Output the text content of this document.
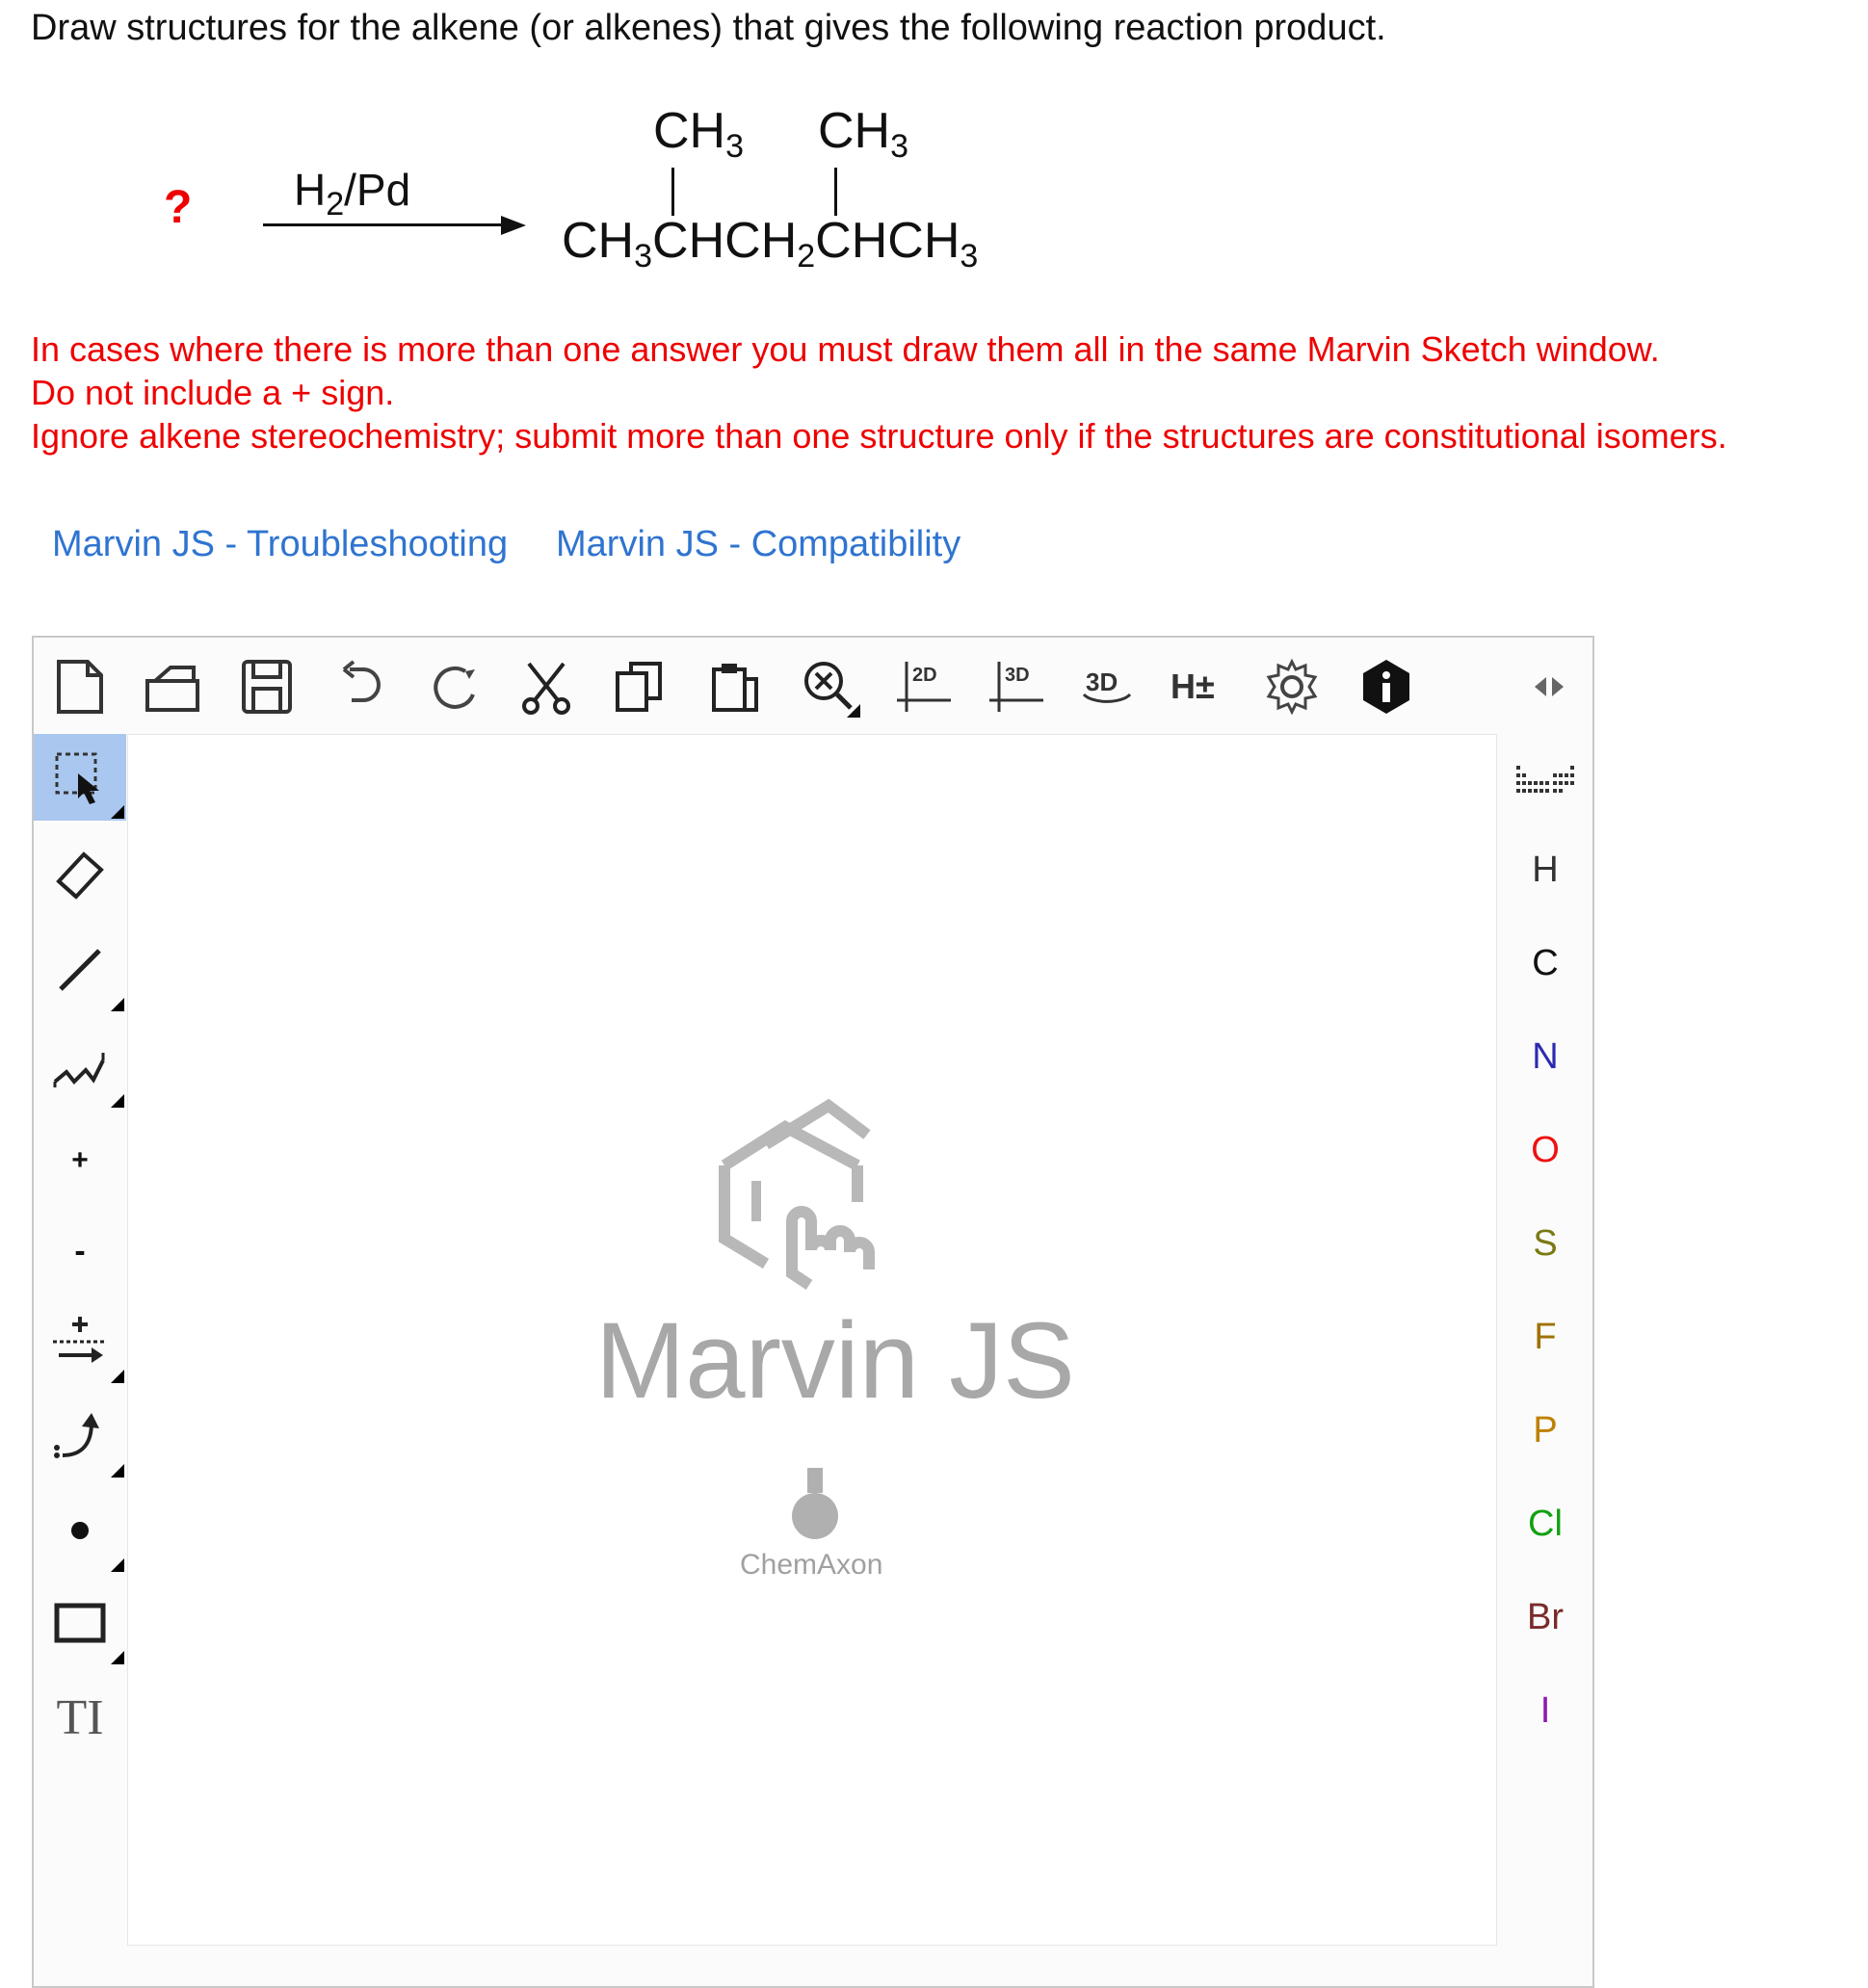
Draw structures for the alkene (or alkenes) that gives the following reaction product.
? $H_2/Pd$
$CH_3$ $CH_3$
$CH_3CHCH_2CHCH_3$
In cases where there is more than one answer you must draw them all in the same Marvin Sketch window.
Do not include a + sign.
Ignore alkene stereochemistry; submit more than one structure only if the structures are constitutional isomers.
Marvin JS - Troubleshooting Marvin JS - Compatibility
2D	3D 3D H±
+
-
TI
H
C
N
O
S
F
P
Cl
Br
I
Marvin JS
ChemAxon
